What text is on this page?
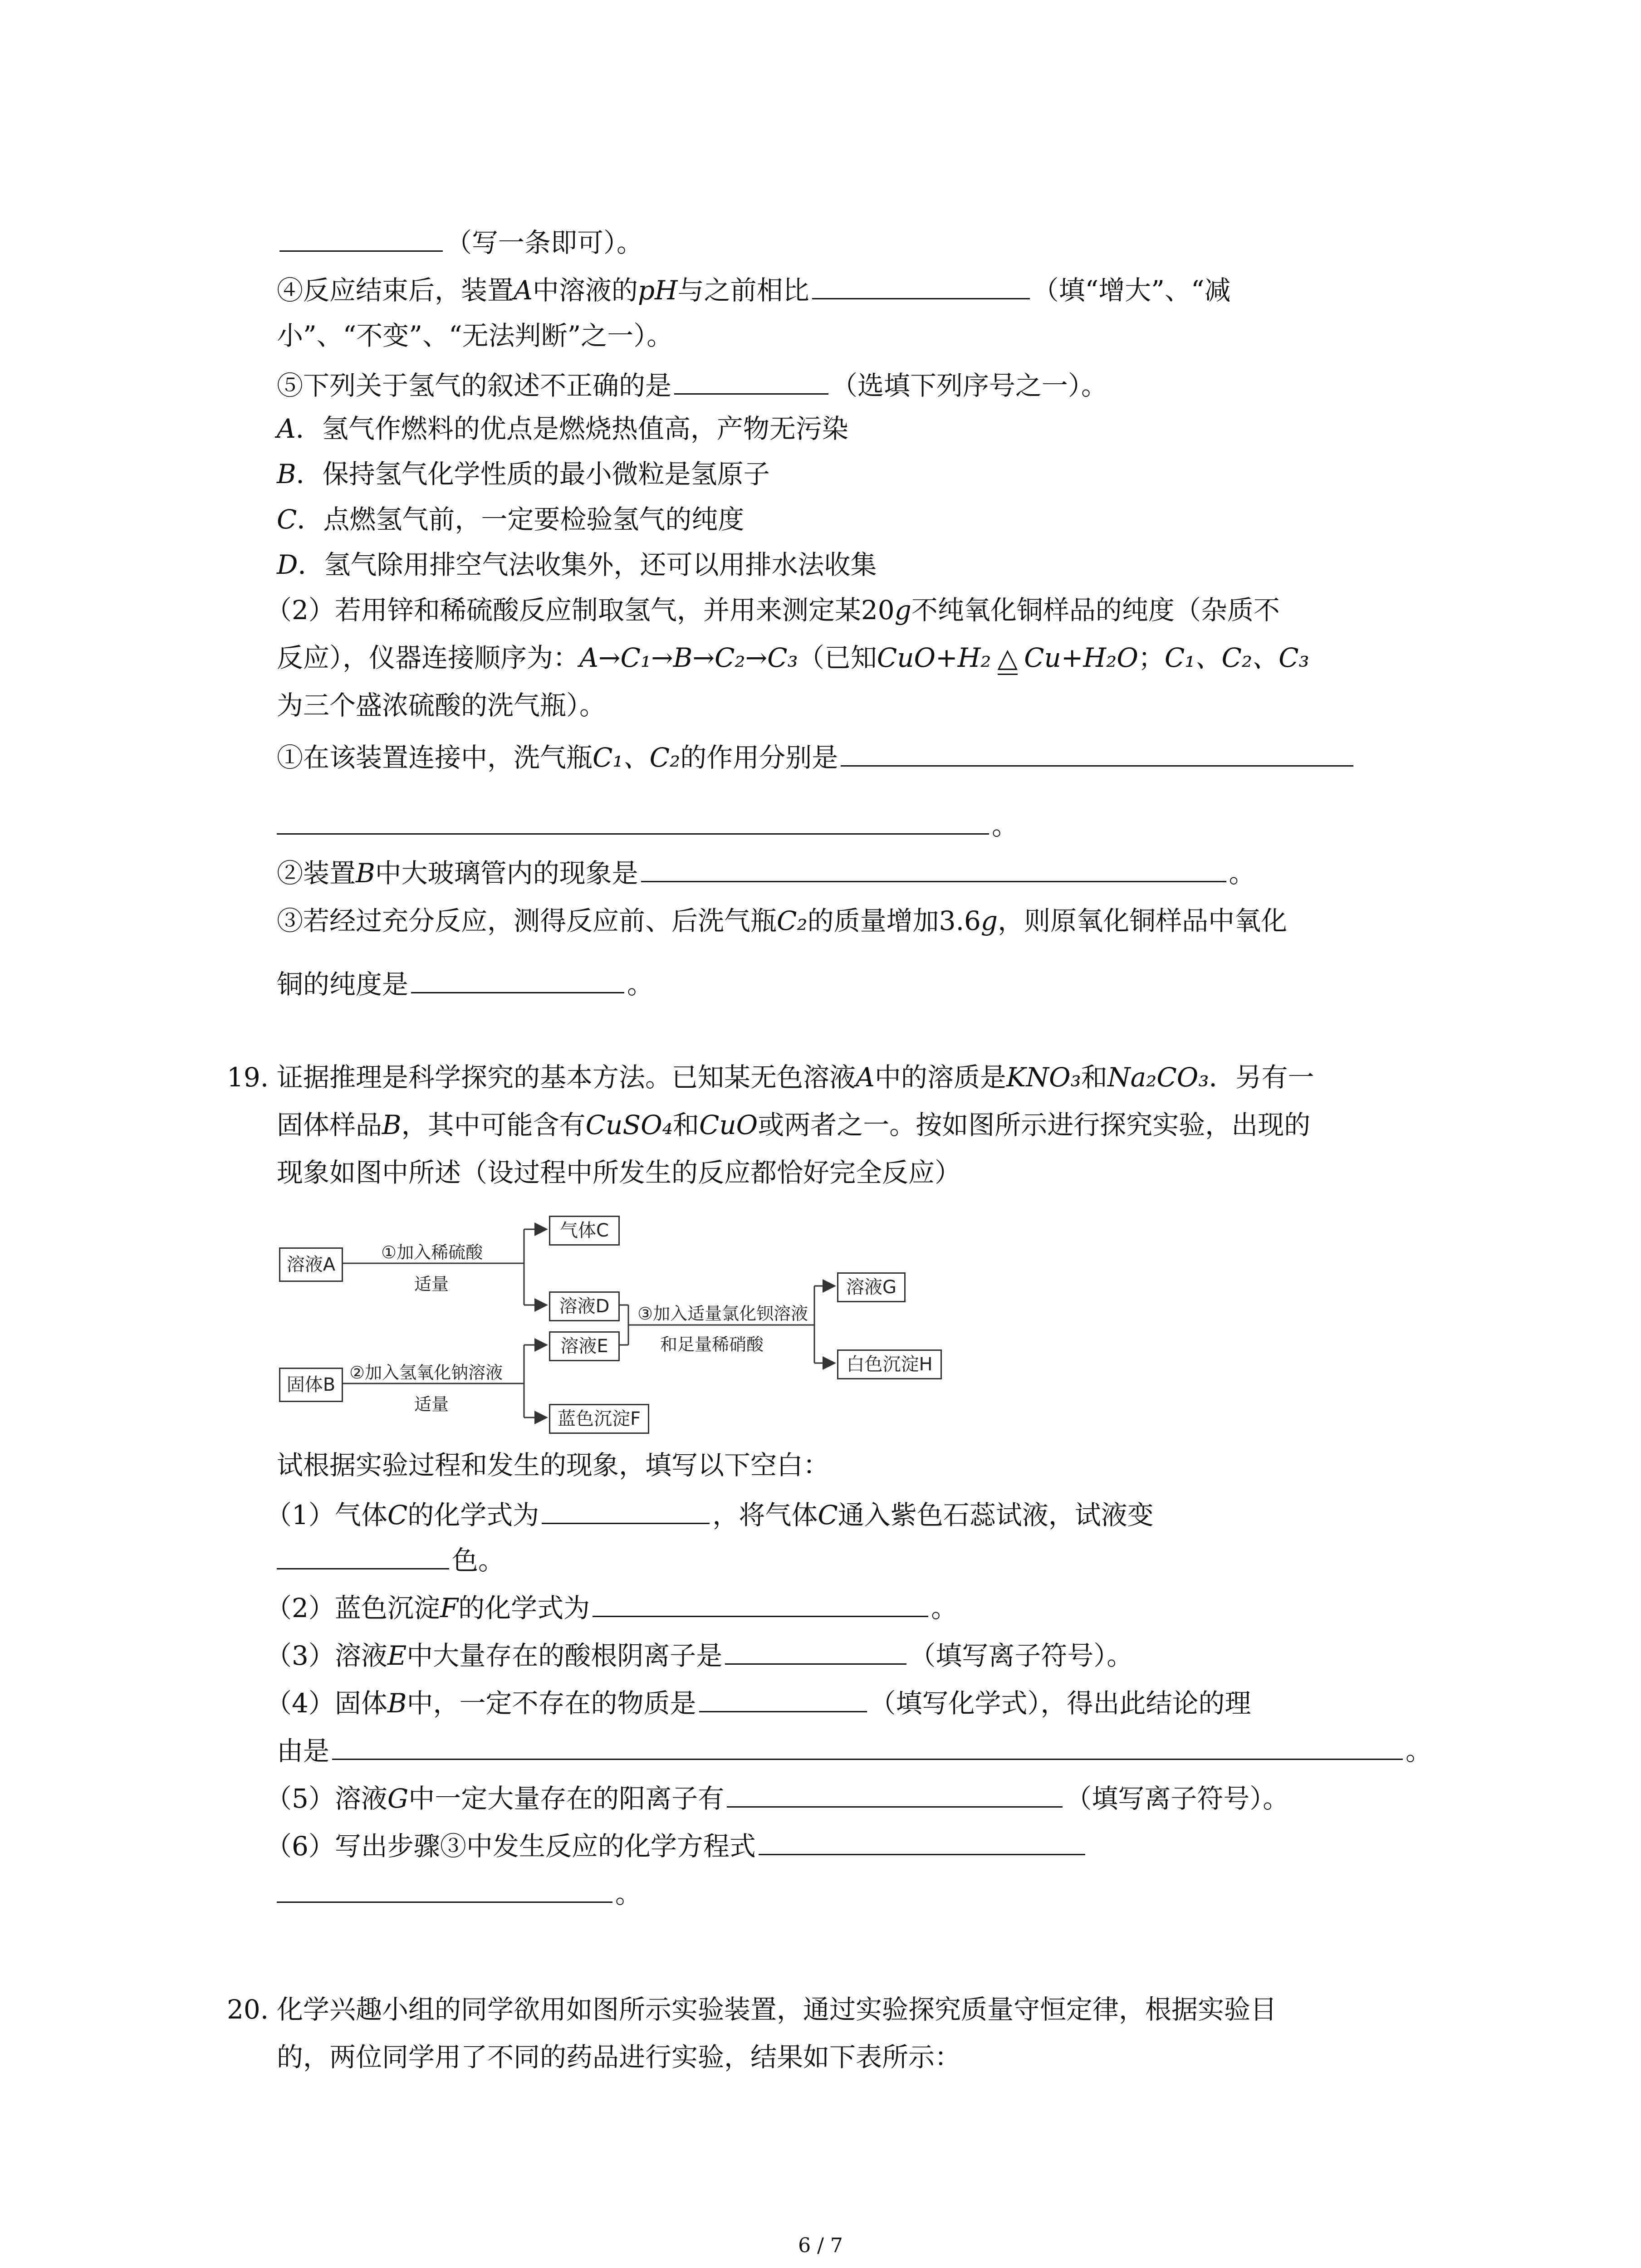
（写一条即可）。
④反应结束后，装置A中溶液的pH与之前相比	（填“增大”、“减
小”、“不变”、“无法判断”之一）。
⑤下列关于氢气的叙述不正确的是	（选填下列序号之一）。
A．氢气作燃料的优点是燃烧热值高，产物无污染
B．保持氢气化学性质的最小微粒是氢原子
C．点燃氢气前，一定要检验氢气的纯度
D．氢气除用排空气法收集外，还可以用排水法收集
（2）若用锌和稀硫酸反应制取氢气，并用来测定某20g不纯氧化铜样品的纯度（杂质不
反应），仪器连接顺序为：A→C₁→B→C₂→C₃（已知CuO+H₂ △ Cu+H₂O；C₁、C₂、C₃
为三个盛浓硫酸的洗气瓶）。
①在该装置连接中，洗气瓶C₁、C₂的作用分别是
。
②装置B中大玻璃管内的现象是	。
③若经过充分反应，测得反应前、后洗气瓶C₂的质量增加3.6g，则原氧化铜样品中氧化
铜的纯度是	。
19. 证据推理是科学探究的基本方法。已知某无色溶液A中的溶质是KNO₃和Na₂CO₃．另有一
固体样品B，其中可能含有CuSO₄和CuO或两者之一。按如图所示进行探究实验，出现的
现象如图中所述（设过程中所发生的反应都恰好完全反应）
溶液A
固体B
气体C
溶液D
溶液E
蓝色沉淀F
溶液G
白色沉淀H
①加入稀硫酸
适量
②加入氢氧化钠溶液
适量
③加入适量氯化钡溶液
和足量稀硝酸
试根据实验过程和发生的现象，填写以下空白：
（1）气体C的化学式为	，将气体C通入紫色石蕊试液，试液变
色。
（2）蓝色沉淀F的化学式为	。
（3）溶液E中大量存在的酸根阴离子是	（填写离子符号）。
（4）固体B中，一定不存在的物质是	（填写化学式），得出此结论的理
由是	。
（5）溶液G中一定大量存在的阳离子有	（填写离子符号）。
（6）写出步骤③中发生反应的化学方程式
。
20. 化学兴趣小组的同学欲用如图所示实验装置，通过实验探究质量守恒定律，根据实验目
的，两位同学用了不同的药品进行实验，结果如下表所示：
6 / 7
